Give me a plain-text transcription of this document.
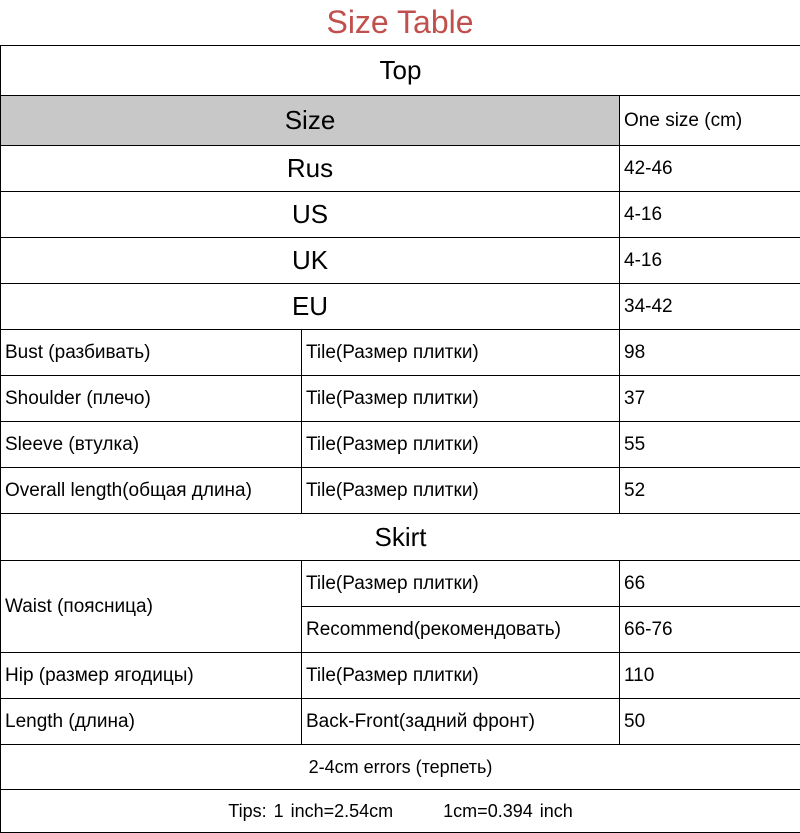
Size Table
Top		
Size		One size (cm)
Rus		42-46
US		4-16
UK		4-16
EU		34-42
Bust (разбивать)	Tile(Размер плитки)	98
Shoulder (плечо)	Tile(Размер плитки)	37
Sleeve (втулка)	Tile(Размер плитки)	55
Overall length(общая длина)	Tile(Размер плитки)	52
Skirt		
Waist (поясница)	Tile(Размер плитки)	66
	Recommend(рекомендовать)	66-76
Hip (размер ягодицы)	Tile(Размер плитки)	110
Length (длина)	Back-Front(задний фронт)	50
2-4cm errors (терпеть)		
Tips: 1 inch=2.54cm 1cm=0.394 inch		
